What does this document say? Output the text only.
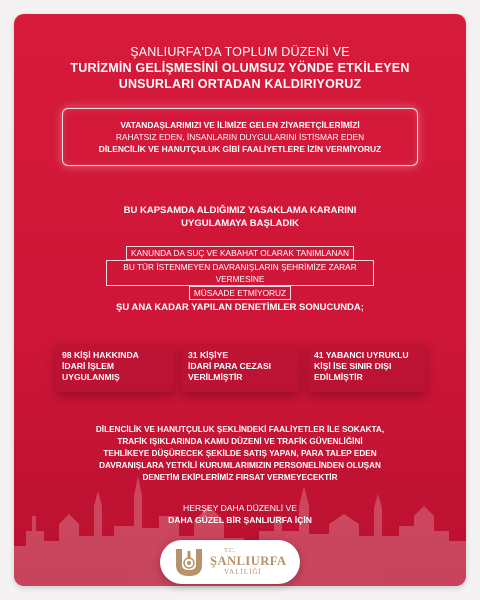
ŞANLIURFA'DA TOPLUM DÜZENİ VE
TURİZMİN GELİŞMESİNİ OLUMSUZ YÖNDE ETKİLEYEN
UNSURLARI ORTADAN KALDIRIYORUZ
VATANDAŞLARIMIZI VE İLİMİZE GELEN ZİYARETÇİLERİMİZİ
RAHATSIZ EDEN, İNSANLARIN DUYGULARINI İSTİSMAR EDEN
DİLENCİLİK VE HANUTÇULUK GİBİ FAALİYETLERE İZİN VERMİYORUZ
BU KAPSAMDA ALDIĞIMIZ YASAKLAMA KARARINI
UYGULAMAYA BAŞLADIK
KANUNDA DA SUÇ VE KABAHAT OLARAK TANIMLANAN
BU TÜR İSTENMEYEN DAVRANIŞLARIN ŞEHRİMİZE ZARAR VERMESİNE
MÜSAADE ETMİYORUZ
ŞU ANA KADAR YAPILAN DENETİMLER SONUCUNDA;
98 KİŞİ HAKKINDA
İDARİ İŞLEM
UYGULANMIŞ
31 KİŞİYE
İDARİ PARA CEZASI
VERİLMİŞTİR
41 YABANCI UYRUKLU
KİŞİ İSE SINIR DIŞI
EDİLMİŞTİR
DİLENCİLİK VE HANUTÇULUK ŞEKLİNDEKİ FAALİYETLER İLE SOKAKTA,
TRAFİK IŞIKLARINDA KAMU DÜZENİ VE TRAFİK GÜVENLİĞİNİ
TEHLİKEYE DÜŞÜRECEK ŞEKİLDE SATIŞ YAPAN, PARA TALEP EDEN
DAVRANIŞLARA YETKİLİ KURUMLARIMIZIN PERSONELİNDEN OLUŞAN
DENETİM EKİPLERİMİZ FIRSAT VERMEYECEKTİR
HERŞEY DAHA DÜZENLİ VE
DAHA GÜZEL BİR ŞANLIURFA İÇİN
T.C.
ŞANLIURFA
VALİLİĞİ
